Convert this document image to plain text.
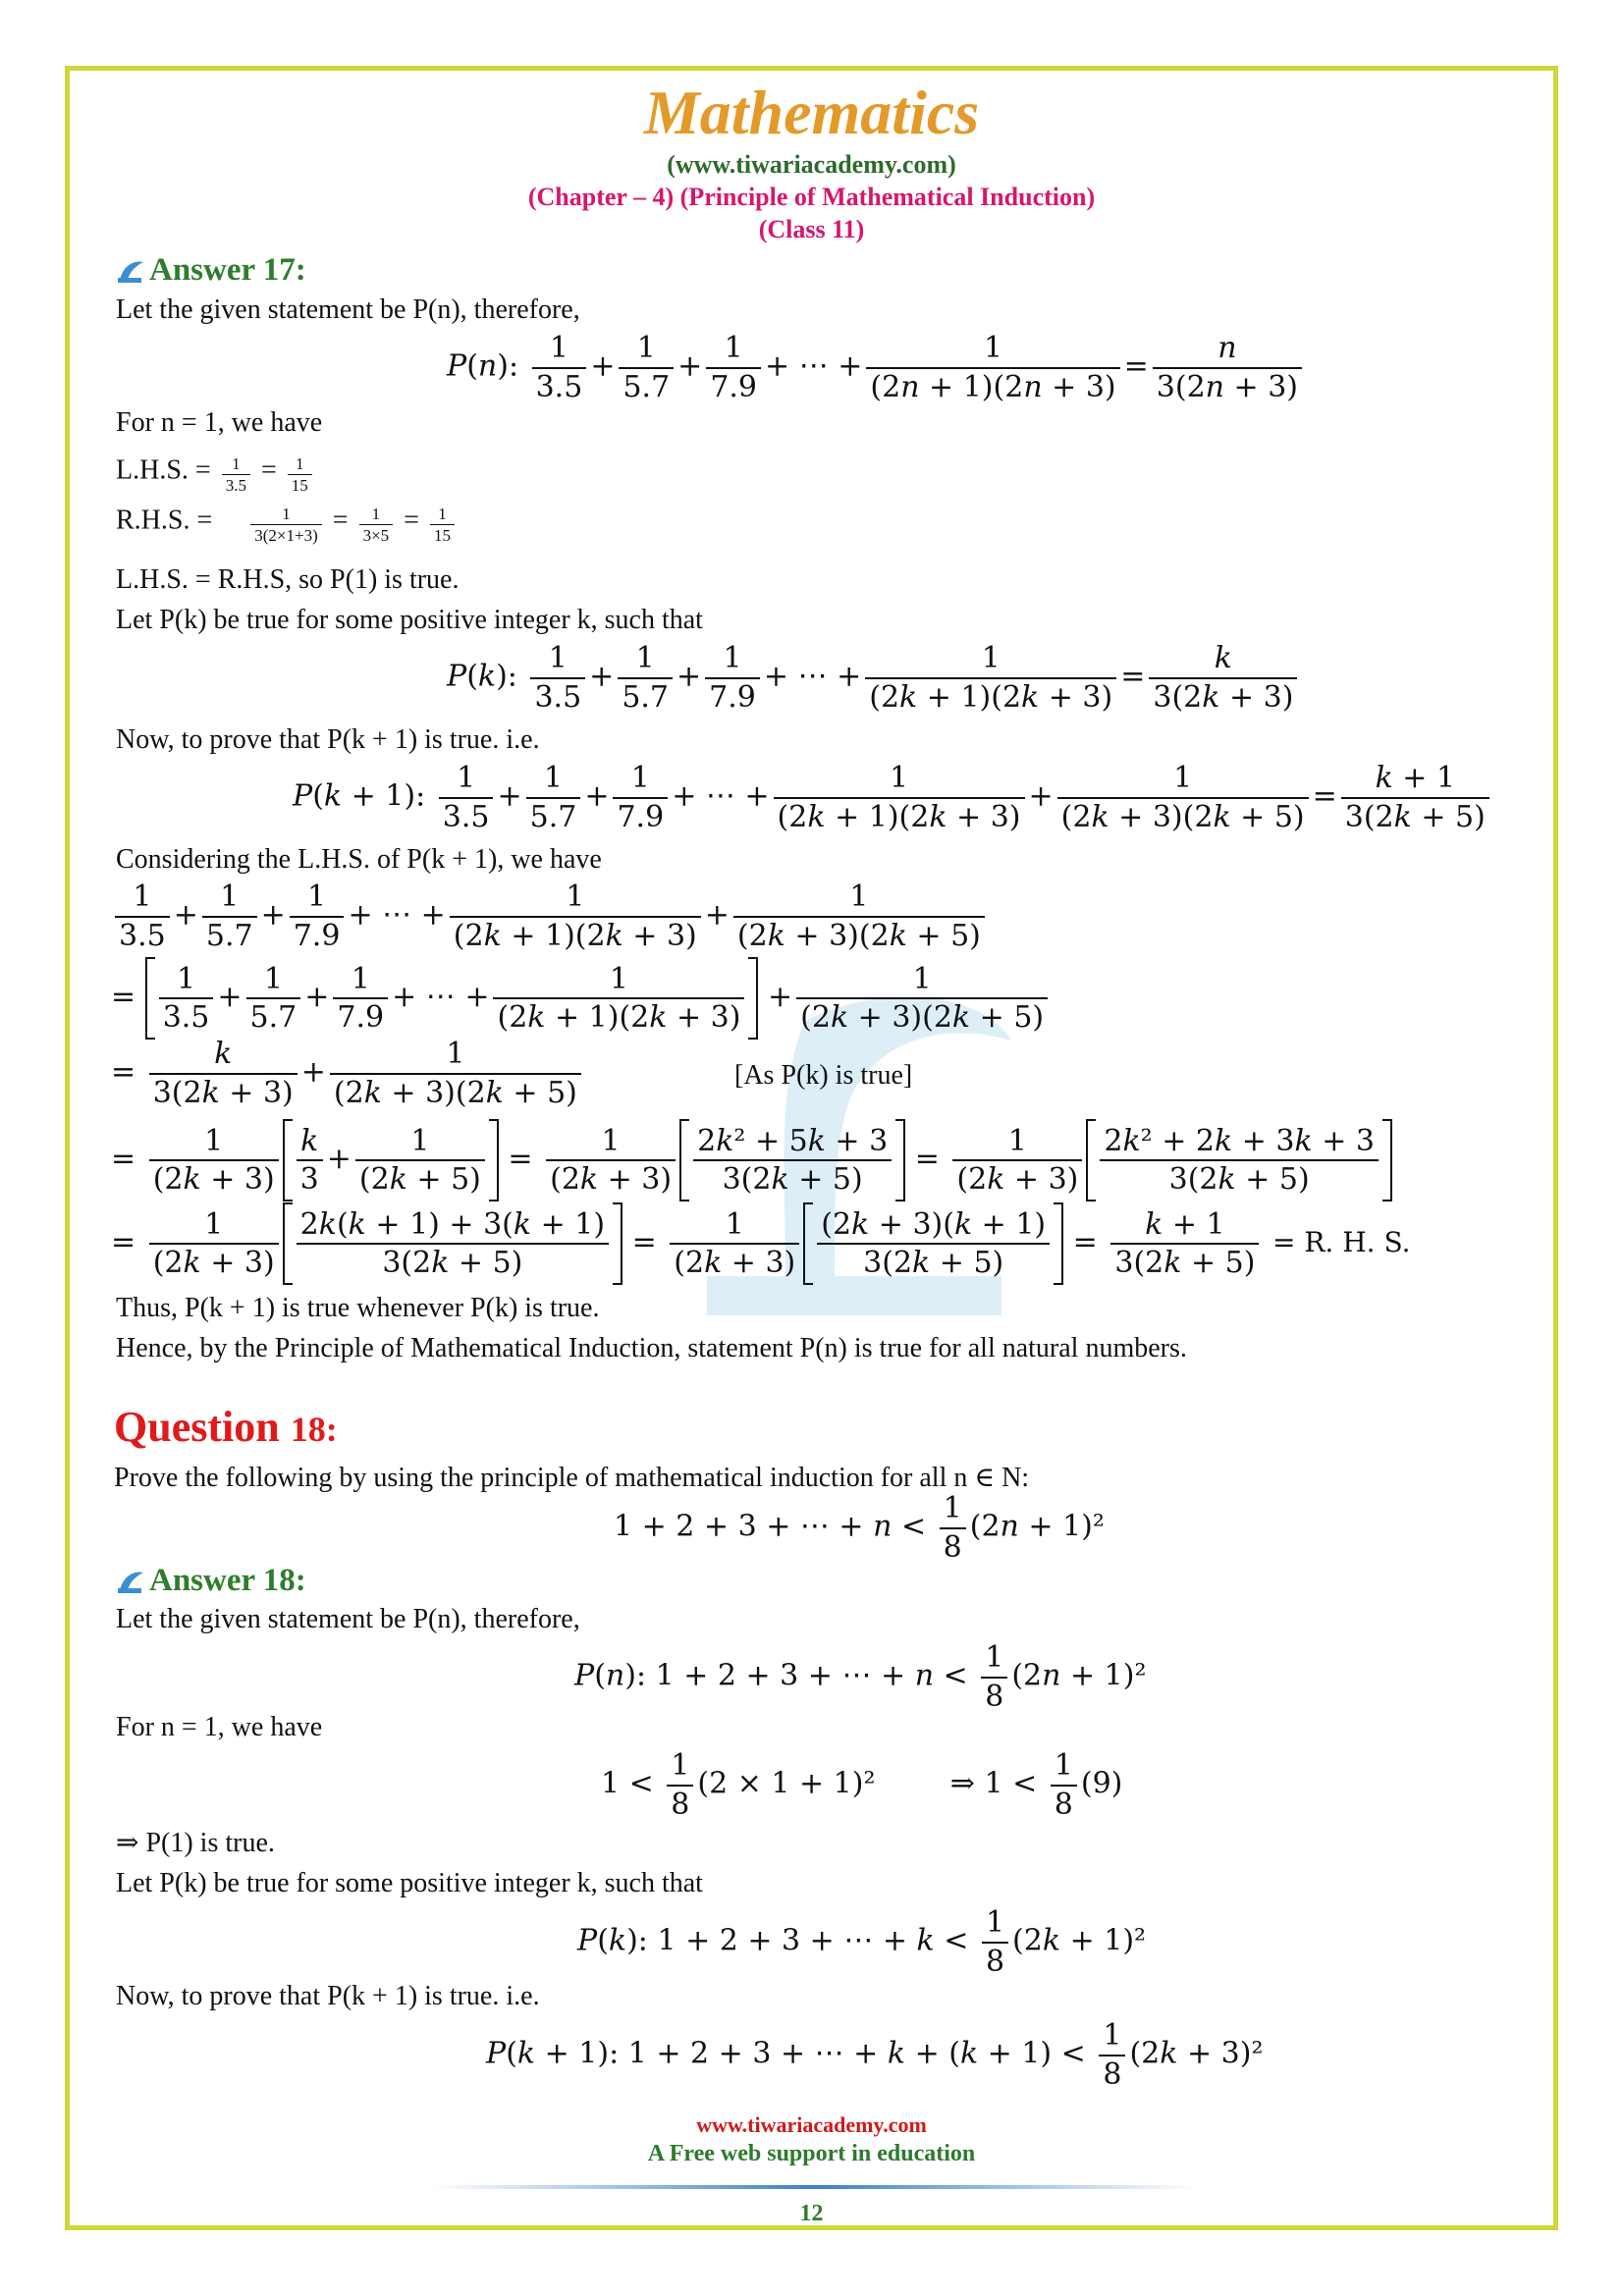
Mathematics
(www.tiwariacademy.com)
(Chapter – 4) (Principle of Mathematical Induction)
(Class 11)
Answer 17:
Let the given statement be P(n), therefore,
P(n): $\frac{1}{3.5} + \frac{1}{5.7} + \frac{1}{7.9}$ + ⋯ + $\frac{1}{(2n + 1)(2n + 3)} = \frac{n}{3(2n + 3)}$
For n = 1, we have
L.H.S. = $\frac{1}{3.5} = \frac{1}{15}$
R.H.S. = $\frac{1}{3(2\times 1+3)} = \frac{1}{3\times 5} = \frac{1}{15}$
L.H.S. = R.H.S, so P(1) is true.
Let P(k) be true for some positive integer k, such that
P(k): $\frac{1}{3.5} + \frac{1}{5.7} + \frac{1}{7.9}$ + ⋯ + $\frac{1}{(2k + 1)(2k + 3)} = \frac{k}{3(2k + 3)}$
Now, to prove that P(k + 1) is true. i.e.
P(k + 1): $\frac{1}{3.5} + \frac{1}{5.7} + \frac{1}{7.9}$ + ⋯ + $\frac{1}{(2k + 1)(2k + 3)} + \frac{1}{(2k + 3)(2k + 5)} = \frac{k + 1}{3(2k + 5)}$
Considering the L.H.S. of P(k + 1), we have
$\frac{1}{3.5} + \frac{1}{5.7} + \frac{1}{7.9}$ + ⋯ + $\frac{1}{(2k + 1)(2k + 3)} + \frac{1}{(2k + 3)(2k + 5)}$
= $\frac{1}{3.5} + \frac{1}{5.7} + \frac{1}{7.9}$ + ⋯ + $\frac{1}{(2k + 1)(2k + 3)} + \frac{1}{(2k + 3)(2k + 5)}$
= $\frac{k}{3(2k + 3)} + \frac{1}{(2k + 3)(2k + 5)}$	[As P(k) is true]
= $\frac{1}{(2k + 3)} \frac{k}{3} + \frac{1}{(2k + 5)} = \frac{1}{(2k + 3)} \frac{\text{2k² + 5k + 3}}{3(2k + 5)} = \frac{1}{(2k + 3)} \frac{\text{2k² + 2k + 3k + 3}}{3(2k + 5)}$
= $\frac{1}{(2k + 3)} \frac{2k(k + 1) + 3(k + 1)}{3(2k + 5)} = \frac{1}{(2k + 3)} \frac{(2k + 3)(k + 1)}{3(2k + 5)} = \frac{k + 1}{3(2k + 5)} = R$. H. S.
Thus, P(k + 1) is true whenever P(k) is true.
Hence, by the Principle of Mathematical Induction, statement P(n) is true for all natural numbers.
Question 18:
Prove the following by using the principle of mathematical induction for all n ∈ N:
1 + 2 + 3 + ⋯ + $n < \frac{1}{8} (2n + 1)^2$
Answer 18:
Let the given statement be P(n), therefore,
P(n): 1 + 2 + 3 + ⋯ + $n < \frac{1}{8} (2n + 1)^2$
For n = 1, we have
$1 < \frac{1}{8} (2 \times 1 + 1)^2$        ⇒ $1 < \frac{1}{8} (9)$
⇒ P(1) is true.
Let P(k) be true for some positive integer k, such that
P(k): 1 + 2 + 3 + ⋯ + $k < \frac{1}{8} (2k + 1)^2$
Now, to prove that P(k + 1) is true. i.e.
P(k + 1): 1 + 2 + 3 + ⋯ + $k + (k + 1) < \frac{1}{8} (2k + 3)^2$
www.tiwariacademy.com
A Free web support in education
12
